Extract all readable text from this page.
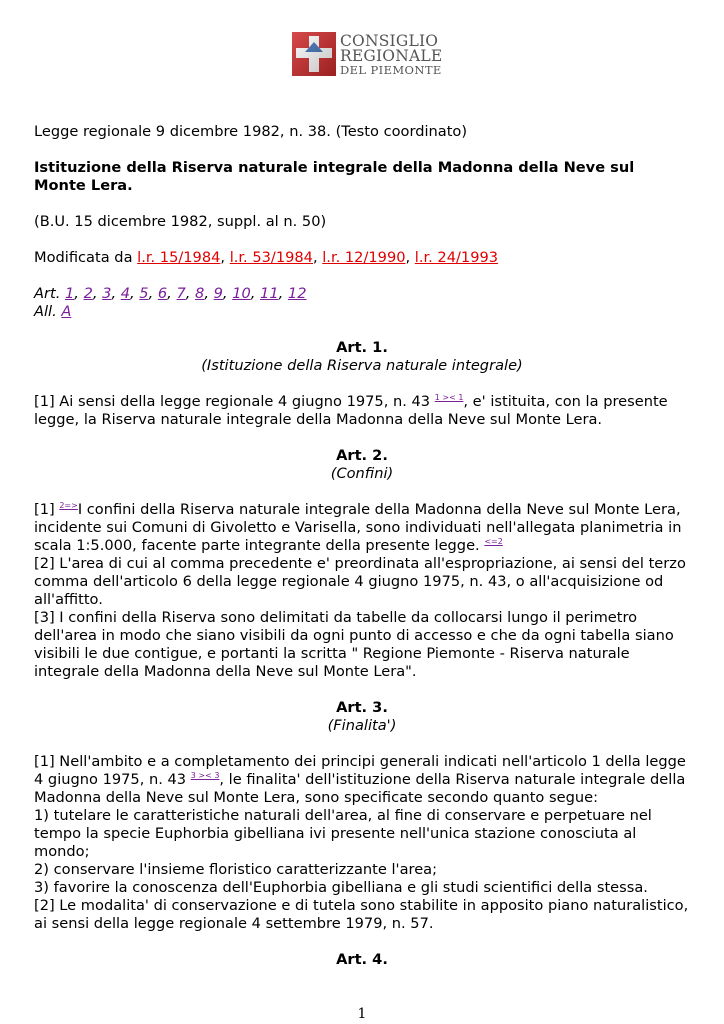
CONSIGLIO
REGIONALE
DEL PIEMONTE

Legge regionale 9 dicembre 1982, n. 38. (Testo coordinato)

Istituzione della Riserva naturale integrale della Madonna della Neve sul Monte Lera.

(B.U. 15 dicembre 1982, suppl. al n. 50)

Modificata da l.r. 15/1984, l.r. 53/1984, l.r. 12/1990, l.r. 24/1993

Art. 1, 2, 3, 4, 5, 6, 7, 8, 9, 10, 11, 12

All. A

Art. 1.

(Istituzione della Riserva naturale integrale)

[1] Ai sensi della legge regionale 4 giugno 1975, n. 43 $^{1 >< 1}$, e' istituita, con la presente legge, la Riserva naturale integrale della Madonna della Neve sul Monte Lera.

Art. 2.

(Confini)

[1] $^{2=>}$I confini della Riserva naturale integrale della Madonna della Neve sul Monte Lera, incidente sui Comuni di Givoletto e Varisella, sono individuati nell'allegata planimetria in scala 1:5.000, facente parte integrante della presente legge. $^{<=2}$

[2] L'area di cui al comma precedente e' preordinata all'espropriazione, ai sensi del terzo comma dell'articolo 6 della legge regionale 4 giugno 1975, n. 43, o all'acquisizione od all'affitto.

[3] I confini della Riserva sono delimitati da tabelle da collocarsi lungo il perimetro dell'area in modo che siano visibili da ogni punto di accesso e che da ogni tabella siano visibili le due contigue, e portanti la scritta " Regione Piemonte - Riserva naturale integrale della Madonna della Neve sul Monte Lera".

Art. 3.

(Finalita')

[1] Nell'ambito e a completamento dei principi generali indicati nell'articolo 1 della legge 4 giugno 1975, n. 43 $^{3 >< 3}$, le finalita' dell'istituzione della Riserva naturale integrale della Madonna della Neve sul Monte Lera, sono specificate secondo quanto segue:

1) tutelare le caratteristiche naturali dell'area, al fine di conservare e perpetuare nel tempo la specie Euphorbia gibelliana ivi presente nell'unica stazione conosciuta al mondo;

2) conservare l'insieme floristico caratterizzante l'area;

3) favorire la conoscenza dell'Euphorbia gibelliana e gli studi scientifici della stessa.

[2] Le modalita' di conservazione e di tutela sono stabilite in apposito piano naturalistico, ai sensi della legge regionale 4 settembre 1979, n. 57.

Art. 4.

1
